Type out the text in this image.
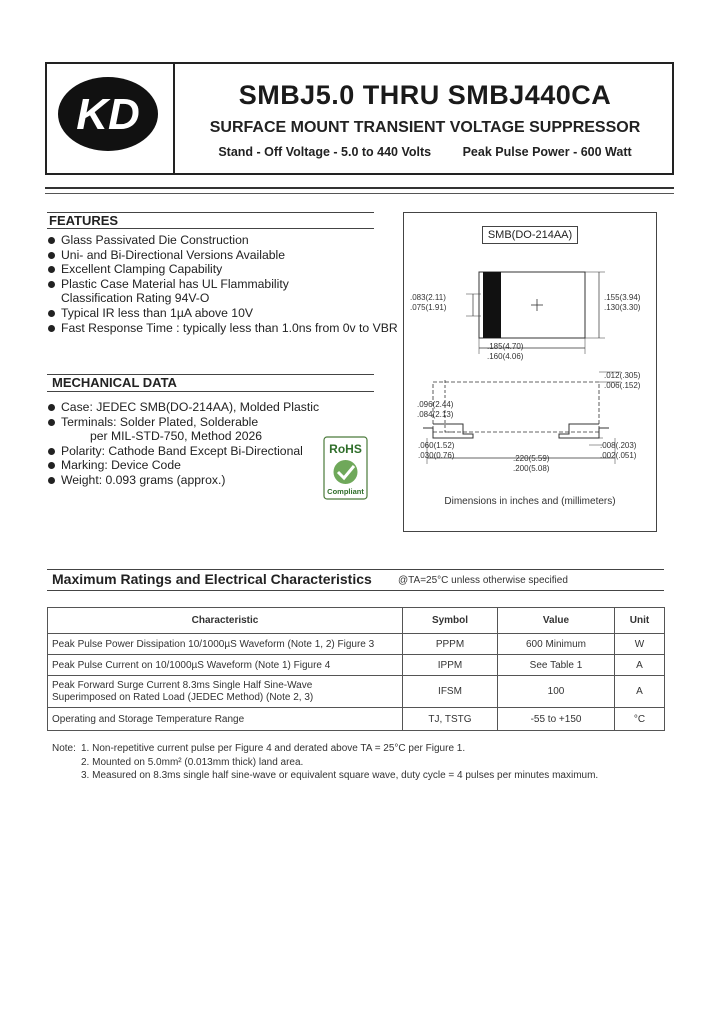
KD	SMBJ5.0 THRU SMBJ440CA
SURFACE MOUNT TRANSIENT VOLTAGE SUPPRESSOR
Stand - Off Voltage - 5.0 to 440 Volts	Peak Pulse Power - 600 Watt
FEATURES
Glass Passivated Die Construction
Uni- and Bi-Directional Versions Available
Excellent Clamping Capability
Plastic Case Material has UL Flammability
Classification Rating 94V-O
Typical IR less than 1µA above 10V
Fast Response Time : typically less than 1.0ns from 0v to VBR
MECHANICAL DATA
Case: JEDEC SMB(DO-214AA), Molded Plastic
Terminals: Solder Plated, Solderable
per MIL-STD-750, Method 2026
Polarity: Cathode Band Except Bi-Directional
Marking: Device Code
Weight: 0.093 grams (approx.)
RoHS
Compliant
SMB(DO-214AA)
.083(2.11)
.075(1.91)
.155(3.94)
.130(3.30)
.185(4.70)
.160(4.06)
.012(.305)
.006(.152)
.096(2.44)
.084(2.13)
.060(1.52)
.030(0.76)
.008(.203)
.002(.051)
.220(5.59)
.200(5.08)
Dimensions in inches and (millimeters)
Maximum Ratings and Electrical Characteristics	@TA=25°C unless otherwise specified
Characteristic	Symbol	Value	Unit
Peak Pulse Power Dissipation 10/1000µS Waveform (Note 1, 2) Figure 3	PPPM	600 Minimum	W
Peak Pulse Current on 10/1000µS Waveform (Note 1) Figure 4	IPPM	See Table 1	A

Peak Forward Surge Current 8.3ms Single Half Sine-Wave
Superimposed on Rated Load (JEDEC Method) (Note 2, 3)	IFSM	100	A
Operating and Storage Temperature Range	TJ, TSTG	-55 to +150	°C
Note: 1. Non-repetitive current pulse per Figure 4 and derated above TA = 25°C per Figure 1.
2. Mounted on 5.0mm² (0.013mm thick) land area.
3. Measured on 8.3ms single half sine-wave or equivalent square wave, duty cycle = 4 pulses per minutes maximum.
